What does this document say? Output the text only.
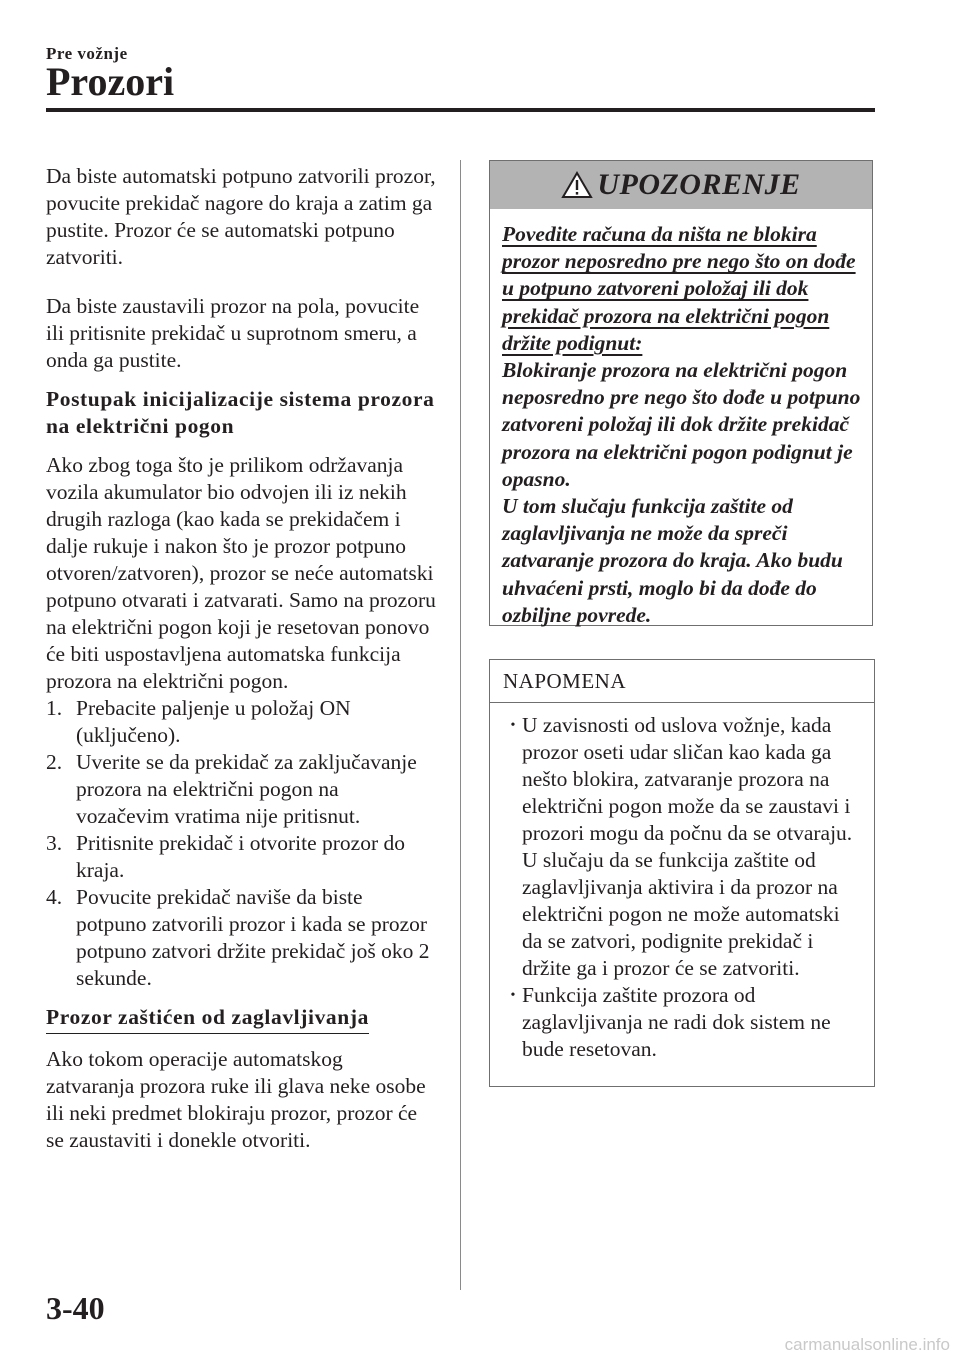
Pre vožnje
Prozori

Da biste automatski potpuno zatvorili prozor, povucite prekidač nagore do kraja a zatim ga pustite. Prozor će se automatski potpuno zatvoriti.

Da biste zaustavili prozor na pola, povucite ili pritisnite prekidač u suprotnom smeru, a onda ga pustite.

Postupak inicijalizacije sistema prozora na električni pogon

Ako zbog toga što je prilikom održavanja vozila akumulator bio odvojen ili iz nekih drugih razloga (kao kada se prekidačem i dalje rukuje i nakon što je prozor potpuno otvoren/zatvoren), prozor se neće automatski potpuno otvarati i zatvarati. Samo na prozoru na električni pogon koji je resetovan ponovo će biti uspostavljena automatska funkcija prozora na električni pogon.

1. Prebacite paljenje u položaj ON (uključeno).
2. Uverite se da prekidač za zaključavanje prozora na električni pogon na vozačevim vratima nije pritisnut.
3. Pritisnite prekidač i otvorite prozor do kraja.
4. Povucite prekidač naviše da biste potpuno zatvorili prozor i kada se prozor potpuno zatvori držite prekidač još oko 2 sekunde.

Prozor zaštićen od zaglavljivanja

Ako tokom operacije automatskog zatvaranja prozora ruke ili glava neke osobe ili neki predmet blokiraju prozor, prozor će se zaustaviti i donekle otvoriti.

UPOZORENJE

Povedite računa da ništa ne blokira prozor neposredno pre nego što on dođe u potpuno zatvoreni položaj ili dok prekidač prozora na električni pogon držite podignut:

Blokiranje prozora na električni pogon neposredno pre nego što dođe u potpuno zatvoreni položaj ili dok držite prekidač prozora na električni pogon podignut je opasno.

U tom slučaju funkcija zaštite od zaglavljivanja ne može da spreči zatvaranje prozora do kraja. Ako budu uhvaćeni prsti, moglo bi da dođe do ozbiljne povrede.

NAPOMENA
• U zavisnosti od uslova vožnje, kada prozor oseti udar sličan kao kada ga nešto blokira, zatvaranje prozora na električni pogon može da se zaustavi i prozori mogu da počnu da se otvaraju.

U slučaju da se funkcija zaštite od zaglavljivanja aktivira i da prozor na električni pogon ne može automatski da se zatvori, podignite prekidač i držite ga i prozor će se zatvoriti.

• Funkcija zaštite prozora od zaglavljivanja ne radi dok sistem ne bude resetovan.

3-40
carmanualsonline.info
